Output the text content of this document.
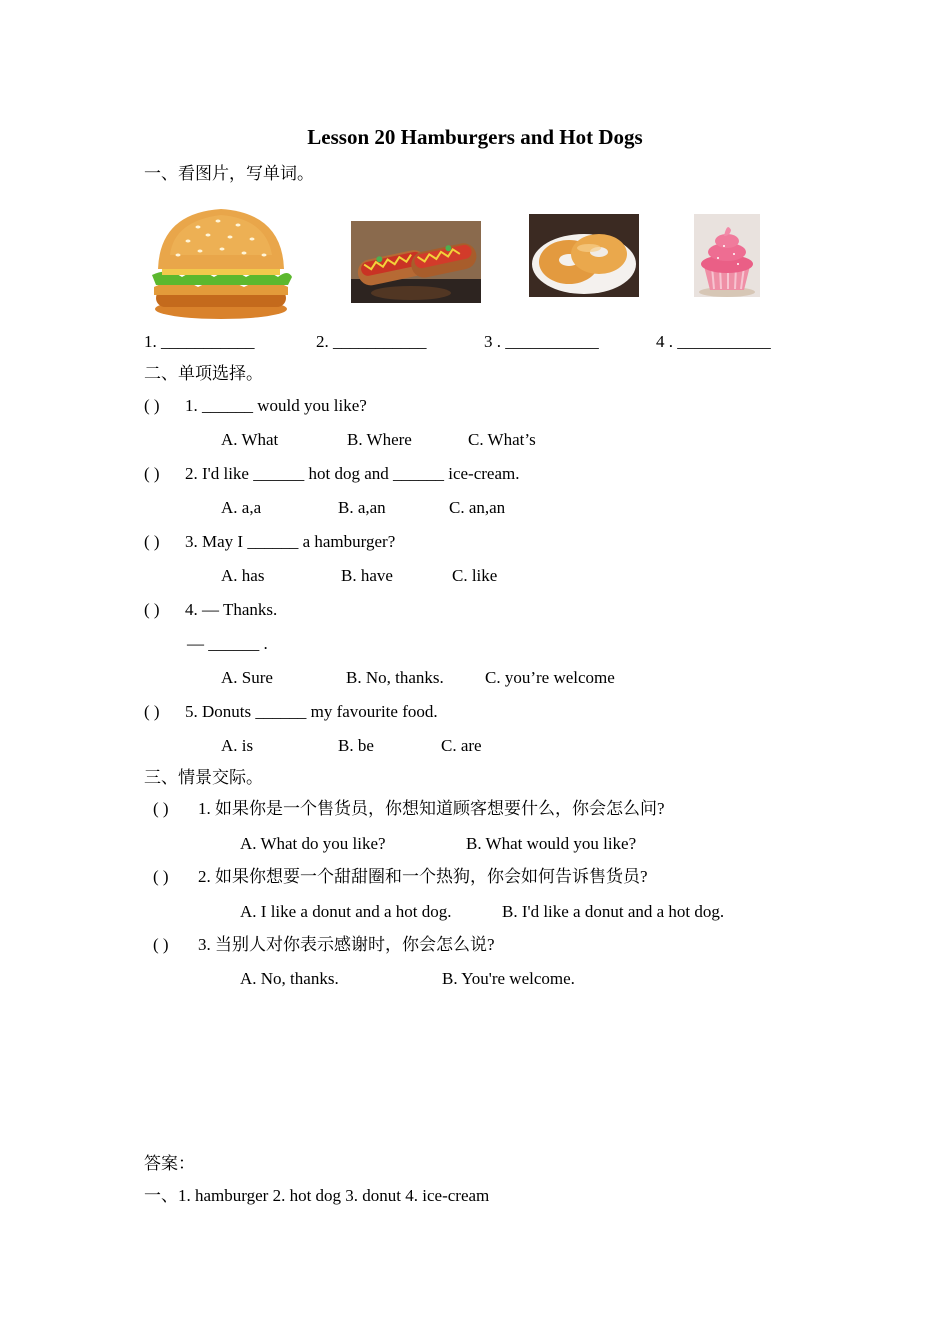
Lesson 20 Hamburgers and Hot Dogs
一、看图片，写单词。
1. ___________	2. ___________	3 . ___________	4 . ___________
二、单项选择。
( ) 1. ______ would you like?
A. What	B. Where	C. What’s
( ) 2. I'd like ______ hot dog and ______ ice-cream.
A. a,a	B. a,an	C. an,an
( ) 3. May I ______ a hamburger?
A. has	B. have	C. like
( ) 4. — Thanks.
— ______ .
A. Sure	B. No, thanks. C. you’re welcome
( ) 5. Donuts ______ my favourite food.
A. is	B. be	C. are
三、情景交际。
( ) 1. 如果你是一个售货员，你想知道顾客想要什么，你会怎么问?
A. What do you like?	B. What would you like?
( ) 2. 如果你想要一个甜甜圈和一个热狗，你会如何告诉售货员?
A. I like a donut and a hot dog.	B. I'd like a donut and a hot dog.
( ) 3. 当别人对你表示感谢时，你会怎么说?
A. No, thanks.	B. You're welcome.
答案：
一、1. hamburger 2. hot dog 3. donut 4. ice-cream
